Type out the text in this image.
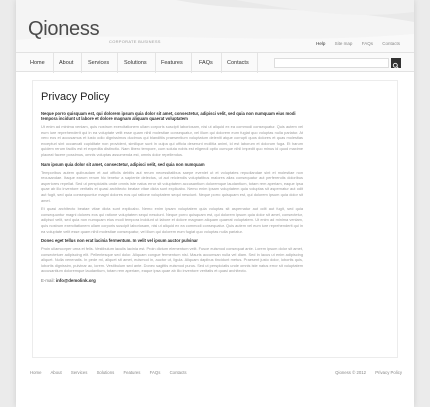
Qioness
CORPORATE BUSINESS	Help Site map FAQs Contacts
Home	About	Services	Solutions	Features	FAQs	Contacts
Privacy Policy
Neque porro quisquam est, qui dolorem ipsum quia dolor sit amet, consectetur, adipisci velit, sed quia non numquam eius modi tempora incidunt ut labore et dolore magnam aliquam quaerat voluptatem
Ut enim ad minima veniam, quis nostrum exercitationem ullam corporis suscipit laboriosam, nisi ut aliquid ex ea commodi consequatur. Quis autem vel eum iure reprehenderit qui in ea voluptate velit esse quam nihil molestiae consequatur, vel illum qui dolorem eum fugiat quo voluptas nulla pariatur. At vero eos et accusamus et iusto odio dignissimos ducimus qui blanditiis praesentium voluptatum deleniti atque corrupti quos dolores et quas molestias excepturi sint occaecati cupiditate non provident, similique sunt in culpa qui officia deserunt mollitia animi, id est laborum et dolorum fuga. Et harum quidem rerum facilis est et expedita distinctio. Nam libero tempore, cum soluta nobis est eligendi optio cumque nihil impedit quo minus id quod maxime placeat facere possimus, omnis voluptas assumenda est, omnis dolor repellendus.
Nam ipsum quia dolor sit amet, consectetur, adipisci velit, sed quia non numquam
Temporibus autem quibusdam et aut officiis debitis aut rerum necessitatibus saepe eveniet ut et voluptates repudiandae sint et molestiae non recusandae. Itaque earum rerum hic tenetur a sapiente delectus, ut aut reiciendis voluptatibus maiores alias consequatur aut perferendis doloribus asperiores repellat. Sed ut perspiciatis unde omnis iste natus error sit voluptatem accusantium doloremque laudantium, totam rem aperiam, eaque ipsa quae ab illo inventore veritatis et quasi architecto beatae vitae dicta sunt explicabo. Nemo enim ipsam voluptatem quia voluptas sit aspernatur aut odit aut fugit, sed quia consequuntur magni dolores eos qui ratione voluptatem sequi nesciunt. Neque porro quisquam est, qui dolorem ipsum quia dolor sit amet.
Et quasi architecto beatae vitae dicta sunt explicabo. Nemo enim ipsam voluptatem quia voluptas sit aspernatur aut odit aut fugit, sed quia consequuntur magni dolores eos qui ratione voluptatem sequi nesciunt. Neque porro quisquam est, qui dolorem ipsum quia dolor sit amet, consectetur, adipisci velit, sed quia non numquam eius modi tempora incidunt ut labore et dolore magnam aliquam quaerat voluptatem. Ut enim ad minima veniam, quis nostrum exercitationem ullam corporis suscipit laboriosam, nisi ut aliquid ex ea commodi consequatur. Quis autem vel eum iure reprehenderit qui in ea voluptate velit esse quam nihil molestiae consequatur, vel illum qui dolorem eum fugiat quo voluptas nulla pariatur.
Donec eget tellus non erat lacinia fermentum. In velit vel ipsum auctor pulvinar
Proin ullamcorper urna et felis. Vestibulum iaculis lacinia est. Proin dictum elementum velit. Fusce euismod consequat ante. Lorem ipsum dolor sit amet, consectetuer adipiscing elit. Pellentesque sed dolor. Aliquam congue fermentum nisl. Mauris accumsan nulla vel diam. Sed in lacus ut enim adipiscing aliquet. Nulla venenatis. In pede mi, aliquet sit amet, euismod in, auctor ut, ligula. Aliquam dapibus tincidunt metus. Praesent justo dolor, lobortis quis, lobortis dignissim, pulvinar ac, lorem. Vestibulum sed ante. Donec sagittis euismod purus. Sed ut perspiciatis unde omnis iste natus error sit voluptatem accusantium doloremque laudantium, totam rem aperiam, eaque ipsa quae ab illo inventore veritatis et quasi architecto.
E-mail: info@demolink.org
Home About Services Solutions Features FAQs Contacts	Qioness © 2012 Privacy Policy
